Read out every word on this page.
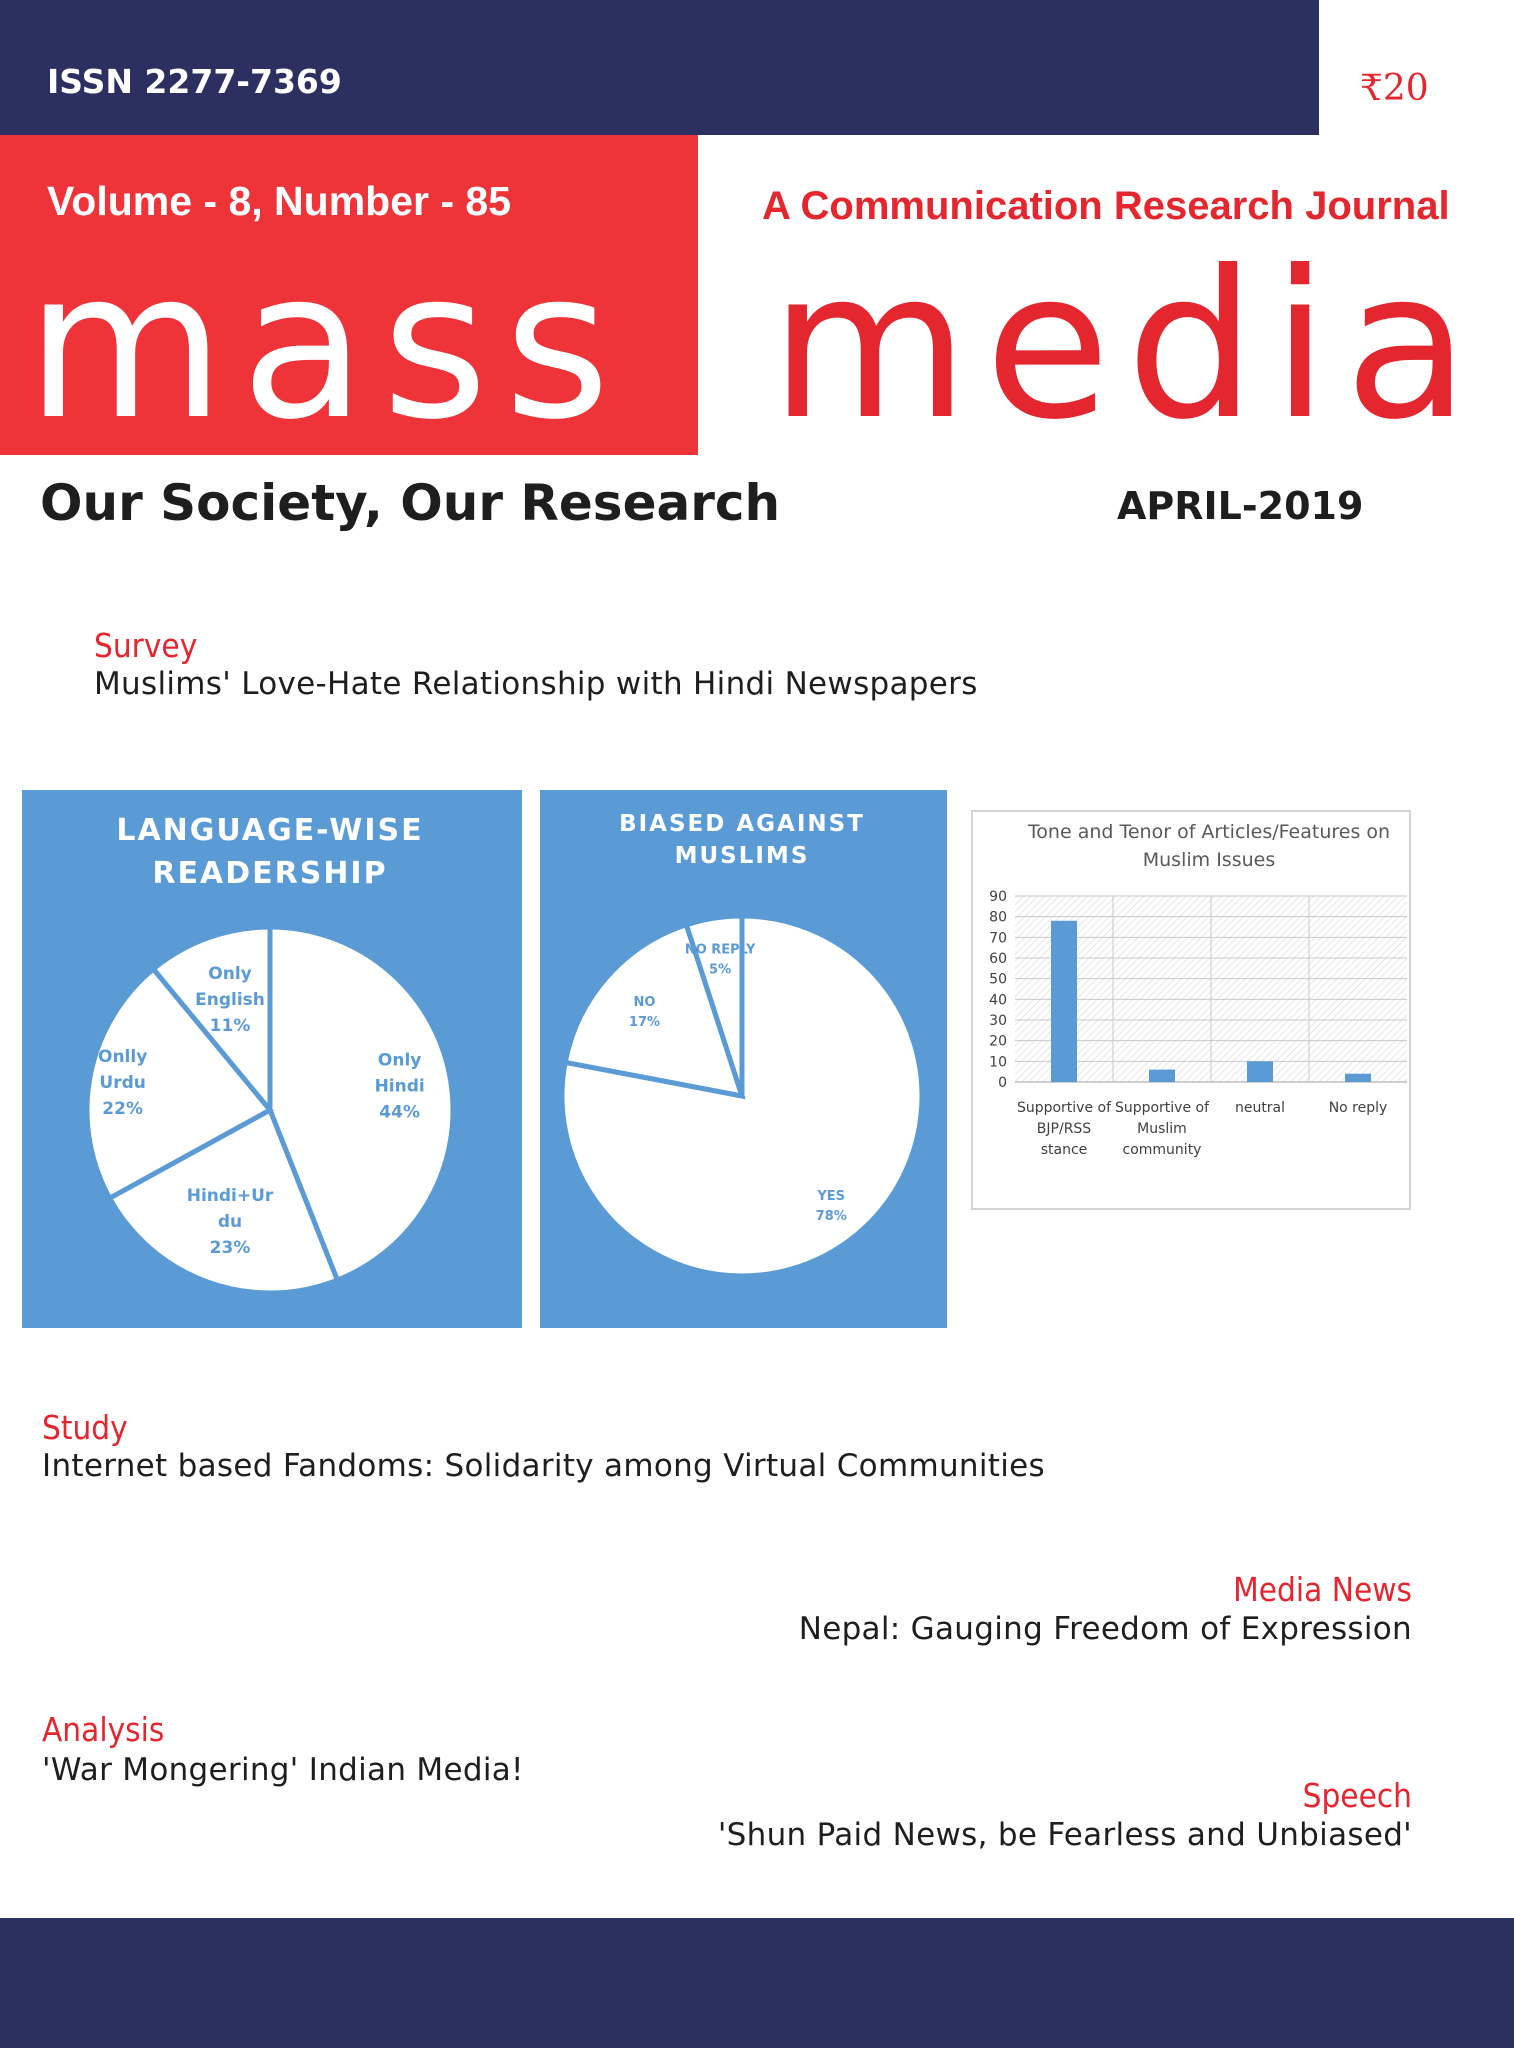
ISSN 2277-7369	₹20
Volume - 8, Number - 85
mass
A Communication Research Journal
media
Our Society, Our Research	APRIL-2019
Survey
Muslims' Love-Hate Relationship with Hindi Newspapers
LANGUAGE-WISE
READERSHIP
Only Hindi 44%
Hindi+Ur du 23%
Onlly Urdu 22%
Only English 11%
BIASED AGAINST
MUSLIMS
YES 78%
NO 17%
NO REPLY 5%
Tone and Tenor of Articles/Features on
Muslim Issues
0
10
20
30
40
50
60
70
80
90
Supportive of BJP/RSS stance
Supportive of Muslim community
neutral	No reply
Study
Internet based Fandoms: Solidarity among Virtual Communities
Media News
Nepal: Gauging Freedom of Expression
Analysis
'War Mongering' Indian Media!
Speech
'Shun Paid News, be Fearless and Unbiased'
